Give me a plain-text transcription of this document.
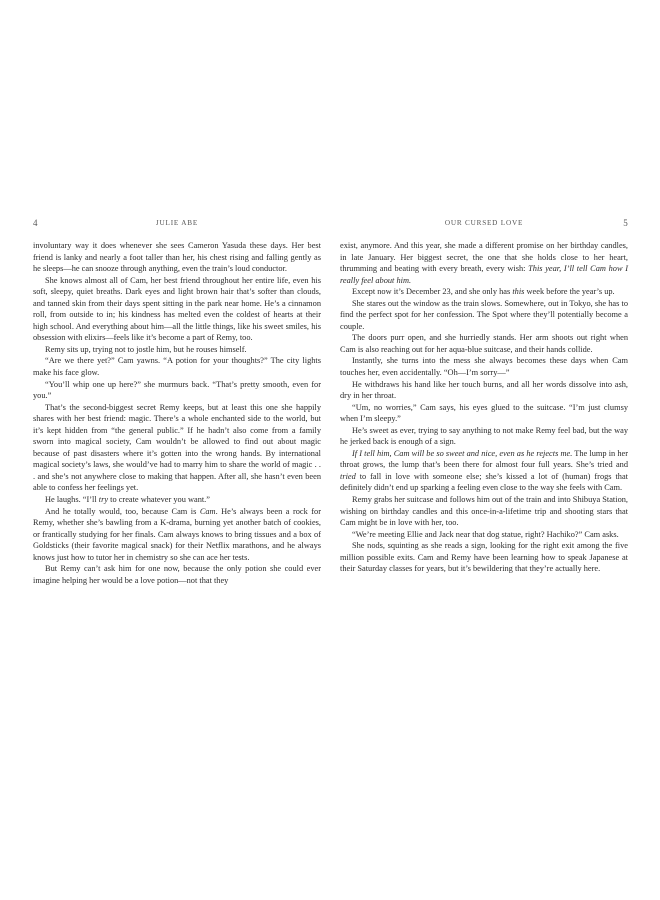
4	JULIE ABE

involuntary way it does whenever she sees Cameron Yasuda these days. Her best friend is lanky and nearly a foot taller than her, his chest rising and falling gently as he sleeps—he can snooze through anything, even the train’s loud conductor.

She knows almost all of Cam, her best friend throughout her entire life, even his soft, sleepy, quiet breaths. Dark eyes and light brown hair that’s softer than clouds, and tanned skin from their days spent sitting in the park near home. He’s a cinnamon roll, from outside to in; his kindness has melted even the coldest of hearts at their high school. And everything about him—all the little things, like his sweet smiles, his obsession with elixirs—feels like it’s become a part of Remy, too.

Remy sits up, trying not to jostle him, but he rouses himself.

“Are we there yet?” Cam yawns. “A potion for your thoughts?” The city lights make his face glow.

“You’ll whip one up here?” she murmurs back. “That’s pretty smooth, even for you.”

That’s the second-biggest secret Remy keeps, but at least this one she happily shares with her best friend: magic. There’s a whole enchanted side to the world, but it’s kept hidden from “the general public.” If he hadn’t also come from a family sworn into magical society, Cam wouldn’t be allowed to find out about magic because of past disasters where it’s gotten into the wrong hands. By international magical society’s laws, she would’ve had to marry him to share the world of magic . . . and she’s not anywhere close to making that happen. After all, she hasn’t even been able to confess her feelings yet.

He laughs. “I’ll try to create whatever you want.”

And he totally would, too, because Cam is Cam. He’s always been a rock for Remy, whether she’s bawling from a K-drama, burning yet another batch of cookies, or frantically studying for her finals. Cam always knows to bring tissues and a box of Goldsticks (their favorite magical snack) for their Netflix marathons, and he always knows just how to tutor her in chemistry so she can ace her tests.

But Remy can’t ask him for one now, because the only potion she could ever imagine helping her would be a love potion—not that they

OUR CURSED LOVE	5

exist, anymore. And this year, she made a different promise on her birthday candles, in late January. Her biggest secret, the one that she holds close to her heart, thrumming and beating with every breath, every wish: This year, I’ll tell Cam how I really feel about him.

Except now it’s December 23, and she only has this week before the year’s up.

She stares out the window as the train slows. Somewhere, out in Tokyo, she has to find the perfect spot for her confession. The Spot where they’ll potentially become a couple.

The doors purr open, and she hurriedly stands. Her arm shoots out right when Cam is also reaching out for her aqua-blue suitcase, and their hands collide.

Instantly, she turns into the mess she always becomes these days when Cam touches her, even accidentally. “Oh—I’m sorry—”

He withdraws his hand like her touch burns, and all her words dissolve into ash, dry in her throat.

“Um, no worries,” Cam says, his eyes glued to the suitcase. “I’m just clumsy when I’m sleepy.”

He’s sweet as ever, trying to say anything to not make Remy feel bad, but the way he jerked back is enough of a sign.

If I tell him, Cam will be so sweet and nice, even as he rejects me. The lump in her throat grows, the lump that’s been there for almost four full years. She’s tried and tried to fall in love with someone else; she’s kissed a lot of (human) frogs that definitely didn’t end up sparking a feeling even close to the way she feels with Cam.

Remy grabs her suitcase and follows him out of the train and into Shibuya Station, wishing on birthday candles and this once-in-a-lifetime trip and shooting stars that Cam might be in love with her, too.

“We’re meeting Ellie and Jack near that dog statue, right? Hachiko?” Cam asks.

She nods, squinting as she reads a sign, looking for the right exit among the five million possible exits. Cam and Remy have been learning how to speak Japanese at their Saturday classes for years, but it’s bewildering that they’re actually here.
